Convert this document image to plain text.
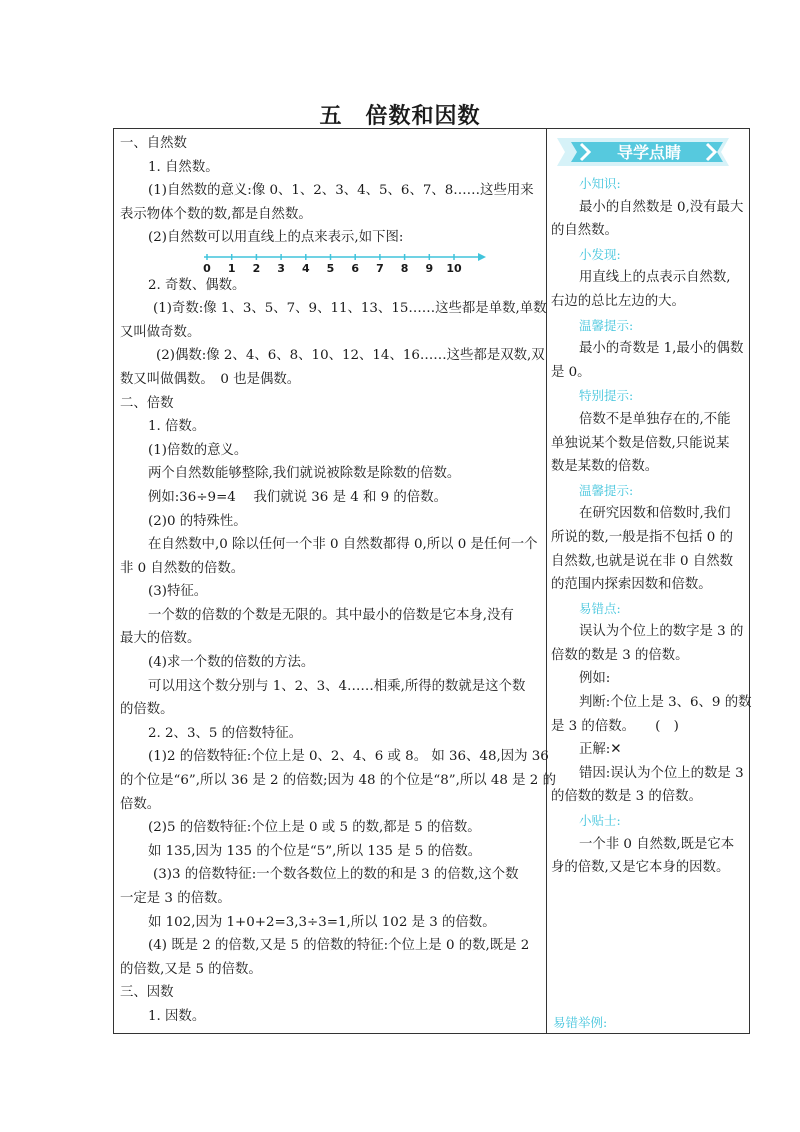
五　倍数和因数
一、自然数
1. 自然数。
(1)自然数的意义:像 0、1、2、3、4、5、6、7、8……这些用来
表示物体个数的数,都是自然数。
(2)自然数可以用直线上的点来表示,如下图:
0 1 2 3 4 5 6 7 8 9 10
2. 奇数、偶数。
(1)奇数:像 1、3、5、7、9、11、13、15……这些都是单数,单数
又叫做奇数。
(2)偶数:像 2、4、6、8、10、12、14、16……这些都是双数,双
数又叫做偶数。　0 也是偶数。
二、倍数
1. 倍数。
(1)倍数的意义。
两个自然数能够整除,我们就说被除数是除数的倍数。
例如:36÷9=4　 我们就说 36 是 4 和 9 的倍数。
(2)0 的特殊性。
在自然数中,0 除以任何一个非 0 自然数都得 0,所以 0 是任何一个
非 0 自然数的倍数。
(3)特征。
一个数的倍数的个数是无限的。其中最小的倍数是它本身,没有
最大的倍数。
(4)求一个数的倍数的方法。
可以用这个数分别与 1、2、3、4……相乘,所得的数就是这个数
的倍数。
2. 2、3、5 的倍数特征。
(1)2 的倍数特征:个位上是 0、2、4、6 或 8。 如 36、48,因为 36
的个位是“6”,所以 36 是 2 的倍数;因为 48 的个位是“8”,所以 48 是 2 的
倍数。
(2)5 的倍数特征:个位上是 0 或 5 的数,都是 5 的倍数。
如 135,因为 135 的个位是“5”,所以 135 是 5 的倍数。
(3)3 的倍数特征:一个数各数位上的数的和是 3 的倍数,这个数
一定是 3 的倍数。
如 102,因为 1+0+2=3,3÷3=1,所以 102 是 3 的倍数。
(4) 既是 2 的倍数,又是 5 的倍数的特征:个位上是 0 的数,既是 2
的倍数,又是 5 的倍数。
三、因数
1. 因数。
导学点睛
小知识:
最小的自然数是 0,没有最大
的自然数。
小发现:
用直线上的点表示自然数,
右边的总比左边的大。
温馨提示:
最小的奇数是 1,最小的偶数
是 0。
特别提示:
倍数不是单独存在的,不能
单独说某个数是倍数,只能说某
数是某数的倍数。
温馨提示:
在研究因数和倍数时,我们
所说的数,一般是指不包括 0 的
自然数,也就是说在非 0 自然数
的范围内探索因数和倍数。
易错点:
误认为个位上的数字是 3 的
倍数的数是 3 的倍数。
例如:
判断:个位上是 3、6、9 的数
是 3 的倍数。　　(　)
正解:✕
错因:误认为个位上的数是 3
的倍数的数是 3 的倍数。
小贴士:
一个非 0 自然数,既是它本
身的倍数,又是它本身的因数。
易错举例:
